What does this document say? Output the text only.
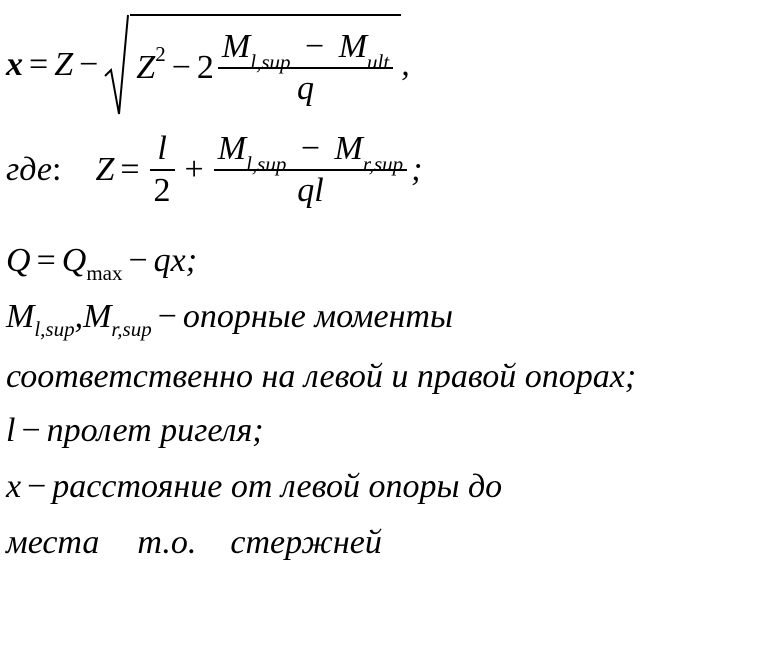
x = Z − Z $2 - 2 \frac{M_{l,sup} - M_{ult}}{q}$ ,
где : $Z = \frac{l}{2} + \frac{M_{l,sup} - M_{r,sup}}{ql}$ ;
Q = Q max − qx;
M l,sup , M r,sup − опорные моменты
соответственно на левой и правой опорах;
l − пролет ригеля;
x − расстояние от левой опоры до
места т.о. стержней
